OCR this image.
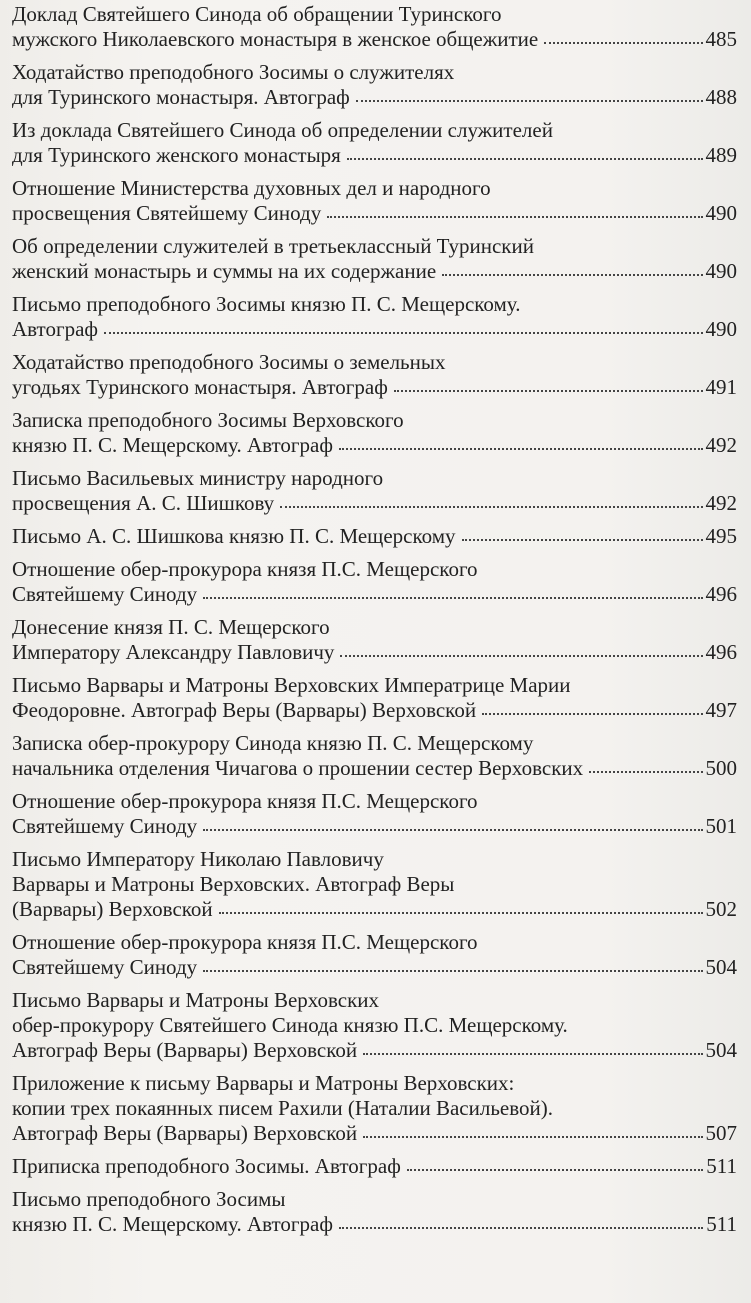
Доклад Святейшего Синода об обращении Туринского
мужского Николаевского монастыря в женское общежитие	485
Ходатайство преподобного Зосимы о служителях
для Туринского монастыря. Автограф	488
Из доклада Святейшего Синода об определении служителей
для Туринского женского монастыря	489
Отношение Министерства духовных дел и народного
просвещения Святейшему Синоду	490
Об определении служителей в третьеклассный Туринский
женский монастырь и суммы на их содержание	490
Письмо преподобного Зосимы князю П. С. Мещерскому.
Автограф	490
Ходатайство преподобного Зосимы о земельных
угодьях Туринского монастыря. Автограф	491
Записка преподобного Зосимы Верховского
князю П. С. Мещерскому. Автограф	492
Письмо Васильевых министру народного
просвещения А. С. Шишкову	492
Письмо А. С. Шишкова князю П. С. Мещерскому	495
Отношение обер-прокурора князя П.С. Мещерского
Святейшему Синоду	496
Донесение князя П. С. Мещерского
Императору Александру Павловичу	496
Письмо Варвары и Матроны Верховских Императрице Марии
Феодоровне. Автограф Веры (Варвары) Верховской	497
Записка обер-прокурору Синода князю П. С. Мещерскому
начальника отделения Чичагова о прошении сестер Верховских	500
Отношение обер-прокурора князя П.С. Мещерского
Святейшему Синоду	501
Письмо Императору Николаю Павловичу
Варвары и Матроны Верховских. Автограф Веры
(Варвары) Верховской	502
Отношение обер-прокурора князя П.С. Мещерского
Святейшему Синоду	504
Письмо Варвары и Матроны Верховских
обер-прокурору Святейшего Синода князю П.С. Мещерскому.
Автограф Веры (Варвары) Верховской	504
Приложение к письму Варвары и Матроны Верховских:
копии трех покаянных писем Рахили (Наталии Васильевой).
Автограф Веры (Варвары) Верховской	507
Приписка преподобного Зосимы. Автограф	511
Письмо преподобного Зосимы
князю П. С. Мещерскому. Автограф	511
